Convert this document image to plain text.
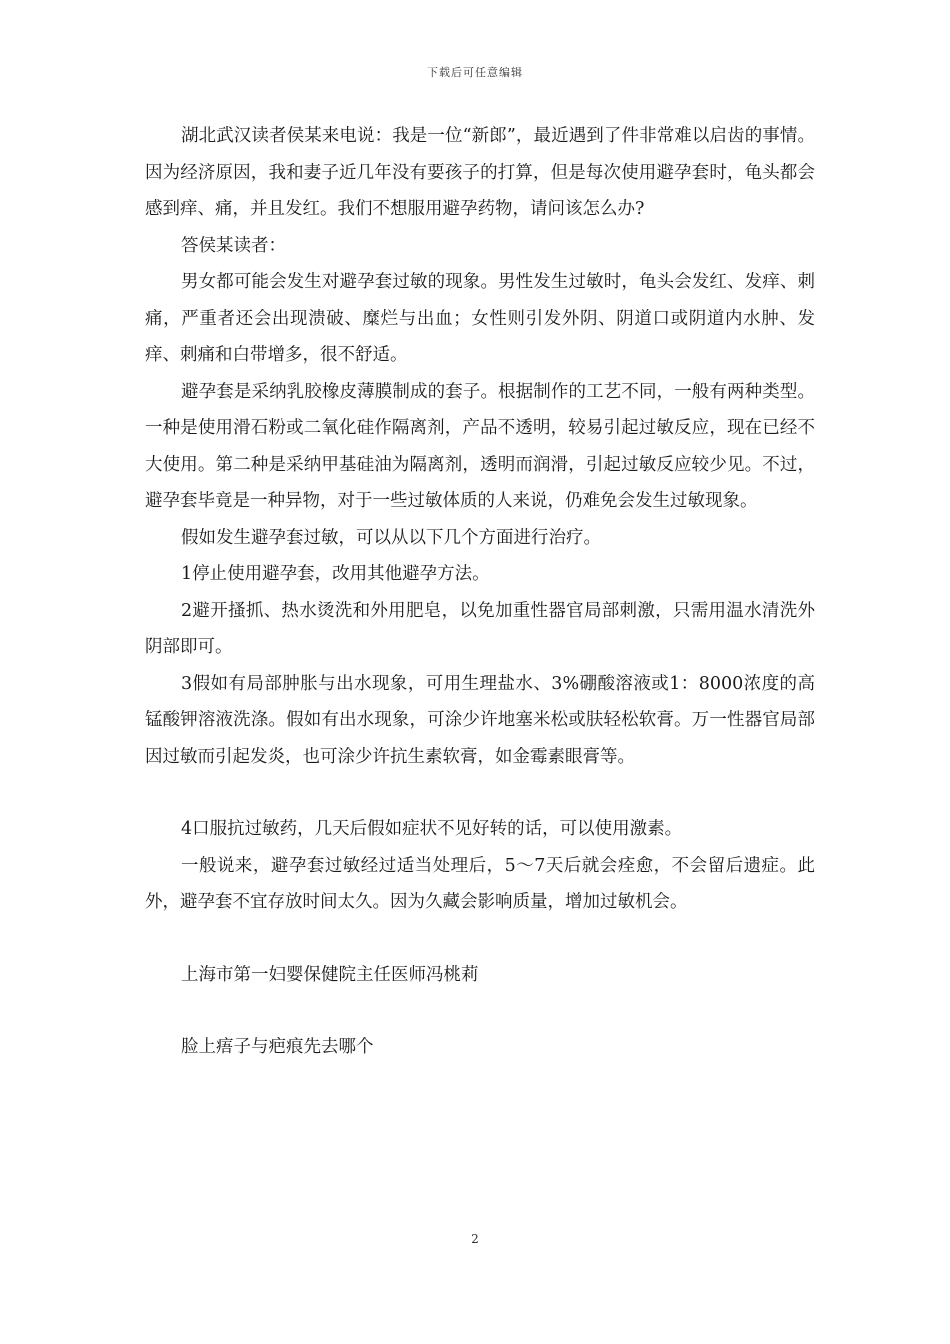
下载后可任意编辑

湖北武汉读者侯某来电说：我是一位“新郎”，最近遇到了件非常难以启齿的事情。因为经济原因，我和妻子近几年没有要孩子的打算，但是每次使用避孕套时，龟头都会感到痒、痛，并且发红。我们不想服用避孕药物，请问该怎么办?

答侯某读者：

男女都可能会发生对避孕套过敏的现象。男性发生过敏时，龟头会发红、发痒、刺痛，严重者还会出现溃破、糜烂与出血；女性则引发外阴、阴道口或阴道内水肿、发痒、刺痛和白带增多，很不舒适。

避孕套是采纳乳胶橡皮薄膜制成的套子。根据制作的工艺不同，一般有两种类型。一种是使用滑石粉或二氧化硅作隔离剂，产品不透明，较易引起过敏反应，现在已经不大使用。第二种是采纳甲基硅油为隔离剂，透明而润滑，引起过敏反应较少见。不过，避孕套毕竟是一种异物，对于一些过敏体质的人来说，仍难免会发生过敏现象。

假如发生避孕套过敏，可以从以下几个方面进行治疗。

1停止使用避孕套，改用其他避孕方法。

2避开搔抓、热水烫洗和外用肥皂，以免加重性器官局部刺激，只需用温水清洗外阴部即可。

3假如有局部肿胀与出水现象，可用生理盐水、3%硼酸溶液或1：8000浓度的高锰酸钾溶液洗涤。假如有出水现象，可涂少许地塞米松或肤轻松软膏。万一性器官局部因过敏而引起发炎，也可涂少许抗生素软膏，如金霉素眼膏等。

4口服抗过敏药，几天后假如症状不见好转的话，可以使用激素。

一般说来，避孕套过敏经过适当处理后，5～7天后就会痊愈，不会留后遗症。此外，避孕套不宜存放时间太久。因为久藏会影响质量，增加过敏机会。

上海市第一妇婴保健院主任医师冯桃莉

脸上痦子与疤痕先去哪个

2
